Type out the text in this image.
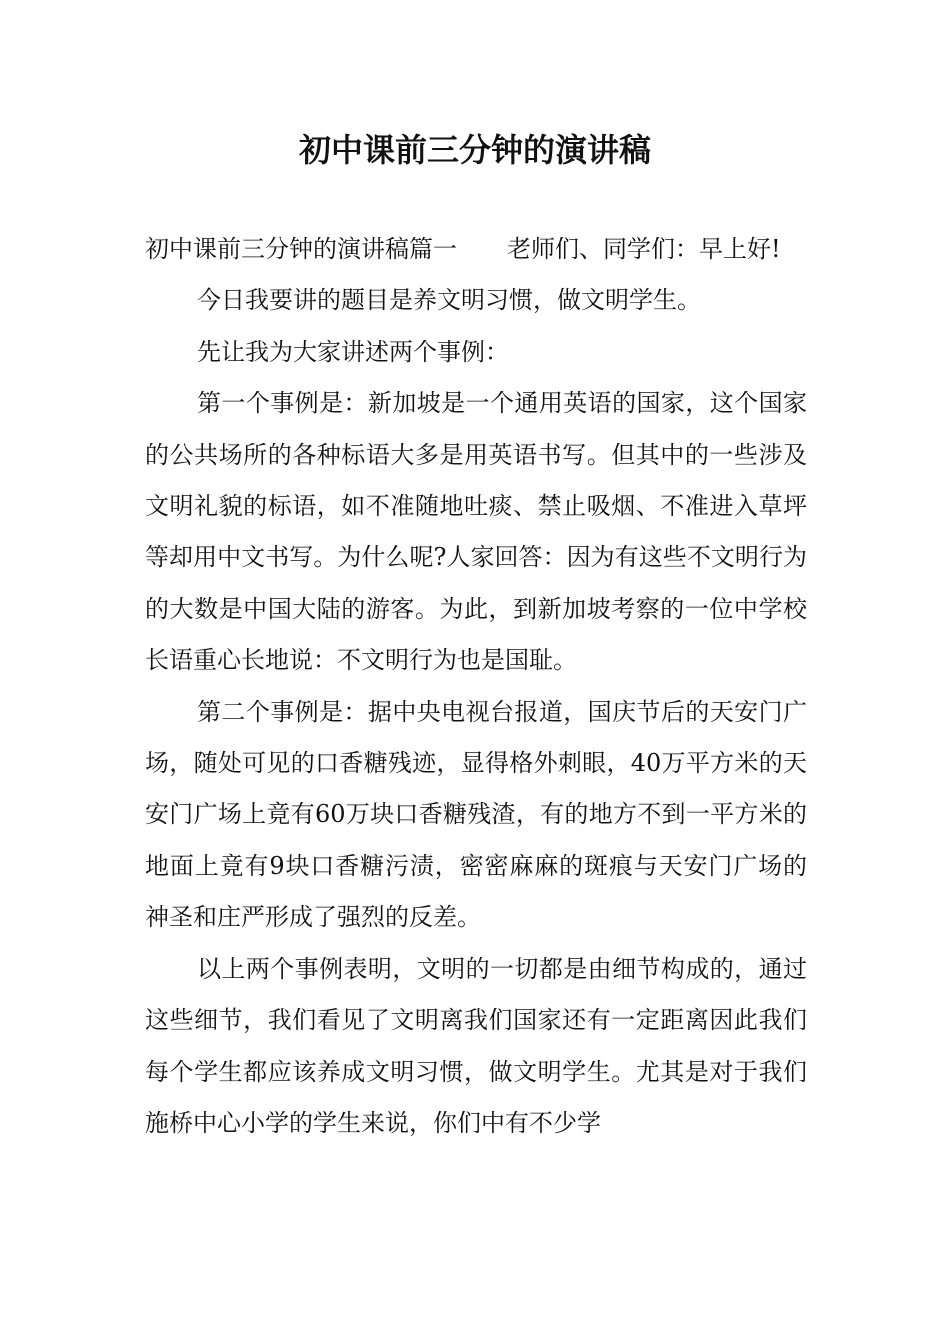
初中课前三分钟的演讲稿

初中课前三分钟的演讲稿篇一 老师们、同学们：早上好!

今日我要讲的题目是养文明习惯，做文明学生。

先让我为大家讲述两个事例：

第一个事例是：新加坡是一个通用英语的国家，这个国家的公共场所的各种标语大多是用英语书写。但其中的一些涉及文明礼貌的标语，如不准随地吐痰、禁止吸烟、不准进入草坪等却用中文书写。为什么呢?人家回答：因为有这些不文明行为的大数是中国大陆的游客。为此，到新加坡考察的一位中学校长语重心长地说：不文明行为也是国耻。

第二个事例是：据中央电视台报道，国庆节后的天安门广场，随处可见的口香糖残迹，显得格外刺眼，40万平方米的天安门广场上竟有60万块口香糖残渣，有的地方不到一平方米的地面上竟有9块口香糖污渍，密密麻麻的斑痕与天安门广场的神圣和庄严形成了强烈的反差。

以上两个事例表明，文明的一切都是由细节构成的，通过这些细节，我们看见了文明离我们国家还有一定距离因此我们每个学生都应该养成文明习惯，做文明学生。尤其是对于我们施桥中心小学的学生来说，你们中有不少学
